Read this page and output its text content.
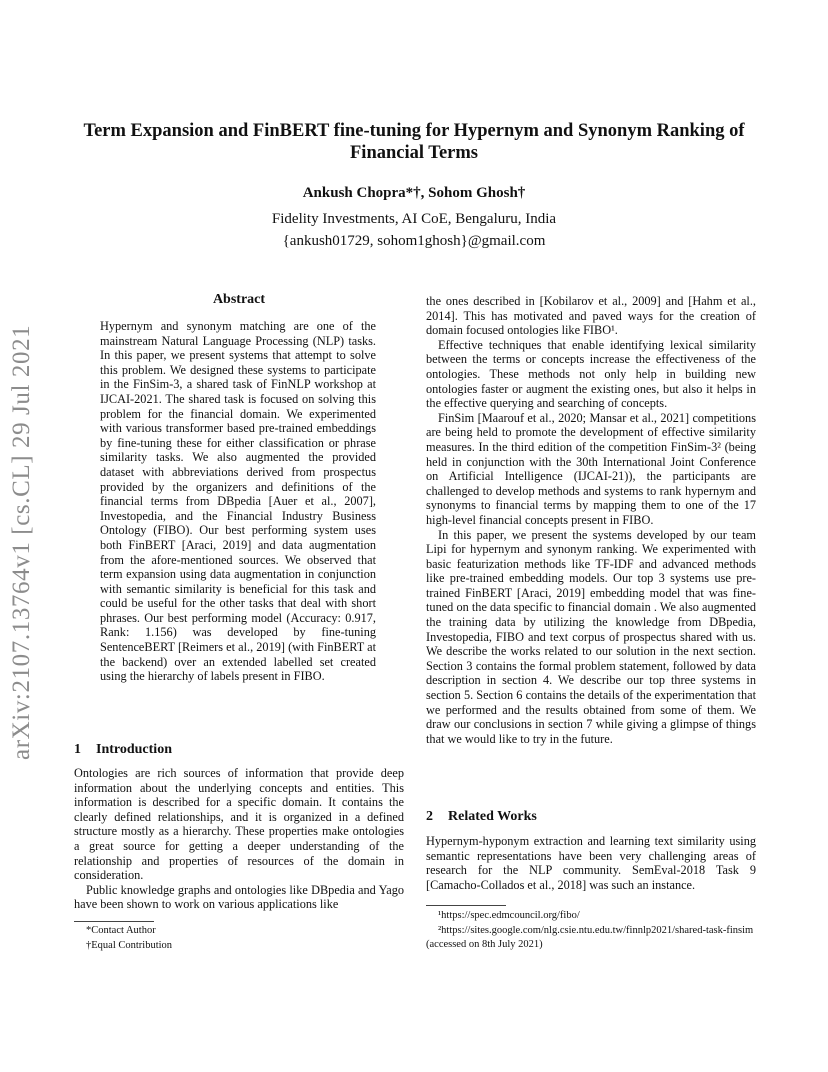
arXiv:2107.13764v1 [cs.CL] 29 Jul 2021
Term Expansion and FinBERT fine-tuning for Hypernym and Synonym Ranking of Financial Terms
Ankush Chopra*†, Sohom Ghosh†
Fidelity Investments, AI CoE, Bengaluru, India
{ankush01729, sohom1ghosh}@gmail.com
Abstract

Hypernym and synonym matching are one of the mainstream Natural Language Processing (NLP) tasks. In this paper, we present systems that attempt to solve this problem. We designed these systems to participate in the FinSim-3, a shared task of FinNLP workshop at IJCAI-2021. The shared task is focused on solving this problem for the financial domain. We experimented with various transformer based pre-trained embeddings by fine-tuning these for either classification or phrase similarity tasks. We also augmented the provided dataset with abbreviations derived from prospectus provided by the organizers and definitions of the financial terms from DBpedia [Auer et al., 2007], Investopedia, and the Financial Industry Business Ontology (FIBO). Our best performing system uses both FinBERT [Araci, 2019] and data augmentation from the afore-mentioned sources. We observed that term expansion using data augmentation in conjunction with semantic similarity is beneficial for this task and could be useful for the other tasks that deal with short phrases. Our best performing model (Accuracy: 0.917, Rank: 1.156) was developed by fine-tuning SentenceBERT [Reimers et al., 2019] (with FinBERT at the backend) over an extended labelled set created using the hierarchy of labels present in FIBO.

1 Introduction

Ontologies are rich sources of information that provide deep information about the underlying concepts and entities. This information is described for a specific domain. It contains the clearly defined relationships, and it is organized in a defined structure mostly as a hierarchy. These properties make ontologies a great source for getting a deeper understanding of the relationship and properties of resources of the domain in consideration.

Public knowledge graphs and ontologies like DBpedia and Yago have been shown to work on various applications like

*Contact Author
†Equal Contribution

the ones described in [Kobilarov et al., 2009] and [Hahm et al., 2014]. This has motivated and paved ways for the creation of domain focused ontologies like FIBO¹.

Effective techniques that enable identifying lexical similarity between the terms or concepts increase the effectiveness of the ontologies. These methods not only help in building new ontologies faster or augment the existing ones, but also it helps in the effective querying and searching of concepts.

FinSim [Maarouf et al., 2020; Mansar et al., 2021] competitions are being held to promote the development of effective similarity measures. In the third edition of the competition FinSim-3² (being held in conjunction with the 30th International Joint Conference on Artificial Intelligence (IJCAI-21)), the participants are challenged to develop methods and systems to rank hypernym and synonyms to financial terms by mapping them to one of the 17 high-level financial concepts present in FIBO.

In this paper, we present the systems developed by our team Lipi for hypernym and synonym ranking. We experimented with basic featurization methods like TF-IDF and advanced methods like pre-trained embedding models. Our top 3 systems use pre-trained FinBERT [Araci, 2019] embedding model that was fine-tuned on the data specific to financial domain . We also augmented the training data by utilizing the knowledge from DBpedia, Investopedia, FIBO and text corpus of prospectus shared with us. We describe the works related to our solution in the next section. Section 3 contains the formal problem statement, followed by data description in section 4. We describe our top three systems in section 5. Section 6 contains the details of the experimentation that we performed and the results obtained from some of them. We draw our conclusions in section 7 while giving a glimpse of things that we would like to try in the future.

2 Related Works

Hypernym-hyponym extraction and learning text similarity using semantic representations have been very challenging areas of research for the NLP community. SemEval-2018 Task 9 [Camacho-Collados et al., 2018] was such an instance.

¹https://spec.edmcouncil.org/fibo/
²https://sites.google.com/nlg.csie.ntu.edu.tw/finnlp2021/shared-task-finsim (accessed on 8th July 2021)
